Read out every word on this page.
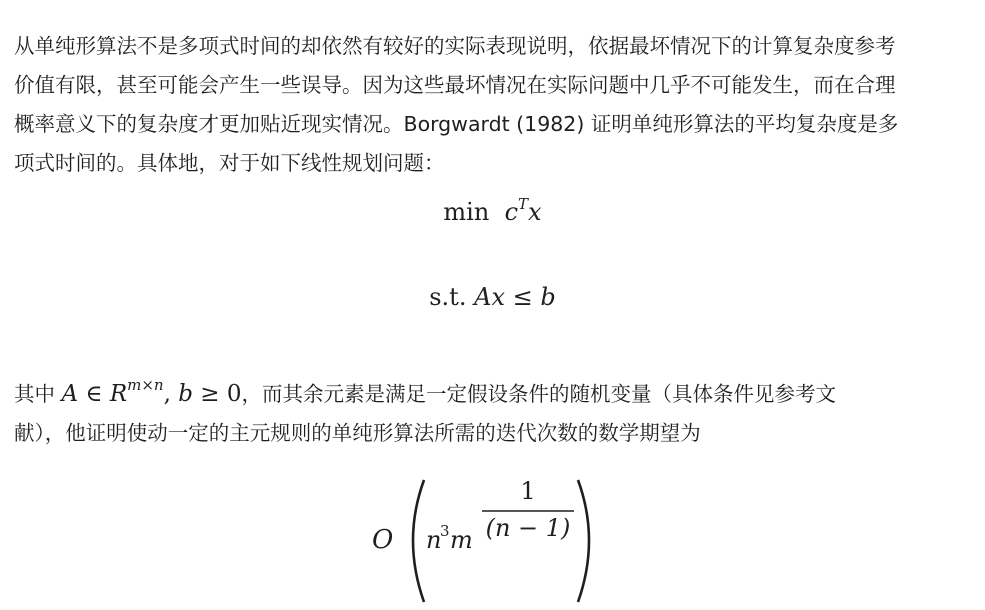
从单纯形算法不是多项式时间的却依然有较好的实际表现说明，依据最坏情况下的计算复杂度参考
价值有限，甚至可能会产生一些误导。因为这些最坏情况在实际问题中几乎不可能发生，而在合理
概率意义下的复杂度才更加贴近现实情况。Borgwardt (1982) 证明单纯形算法的平均复杂度是多
项式时间的。具体地，对于如下线性规划问题：
$\min c^Tx$
s.t. Ax ≤ b
其中 A ∈ $R^{m\times n}$, b ≥ 0，而其余元素是满足一定假设条件的随机变量（具体条件见参考文
献），他证明使动一定的主元规则的单纯形算法所需的迭代次数的数学期望为
O n
3 m
1
(n − 1)
